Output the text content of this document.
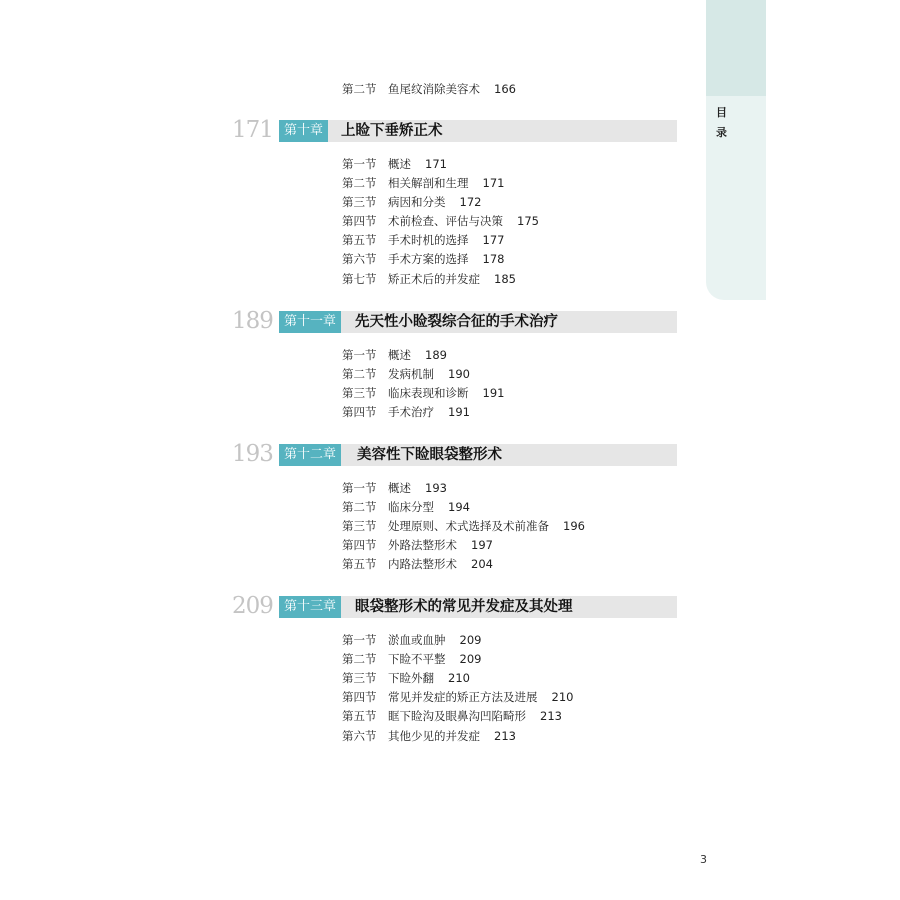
目
录
第二节 鱼尾纹消除美容术 166
171 第十章	上睑下垂矫正术
第一节 概述 171
第二节 相关解剖和生理 171
第三节 病因和分类 172
第四节 术前检查、评估与决策 175
第五节 手术时机的选择 177
第六节 手术方案的选择 178
第七节 矫正术后的并发症 185
189 第十一章	先天性小睑裂综合征的手术治疗
第一节 概述 189
第二节 发病机制 190
第三节 临床表现和诊断 191
第四节 手术治疗 191
193 第十二章	美容性下睑眼袋整形术
第一节 概述 193
第二节 临床分型 194
第三节 处理原则、术式选择及术前准备 196
第四节 外路法整形术 197
第五节 内路法整形术 204
209 第十三章	眼袋整形术的常见并发症及其处理
第一节 淤血或血肿 209
第二节 下睑不平整 209
第三节 下睑外翻 210
第四节 常见并发症的矫正方法及进展 210
第五节 眶下睑沟及眼鼻沟凹陷畸形 213
第六节 其他少见的并发症 213
3
